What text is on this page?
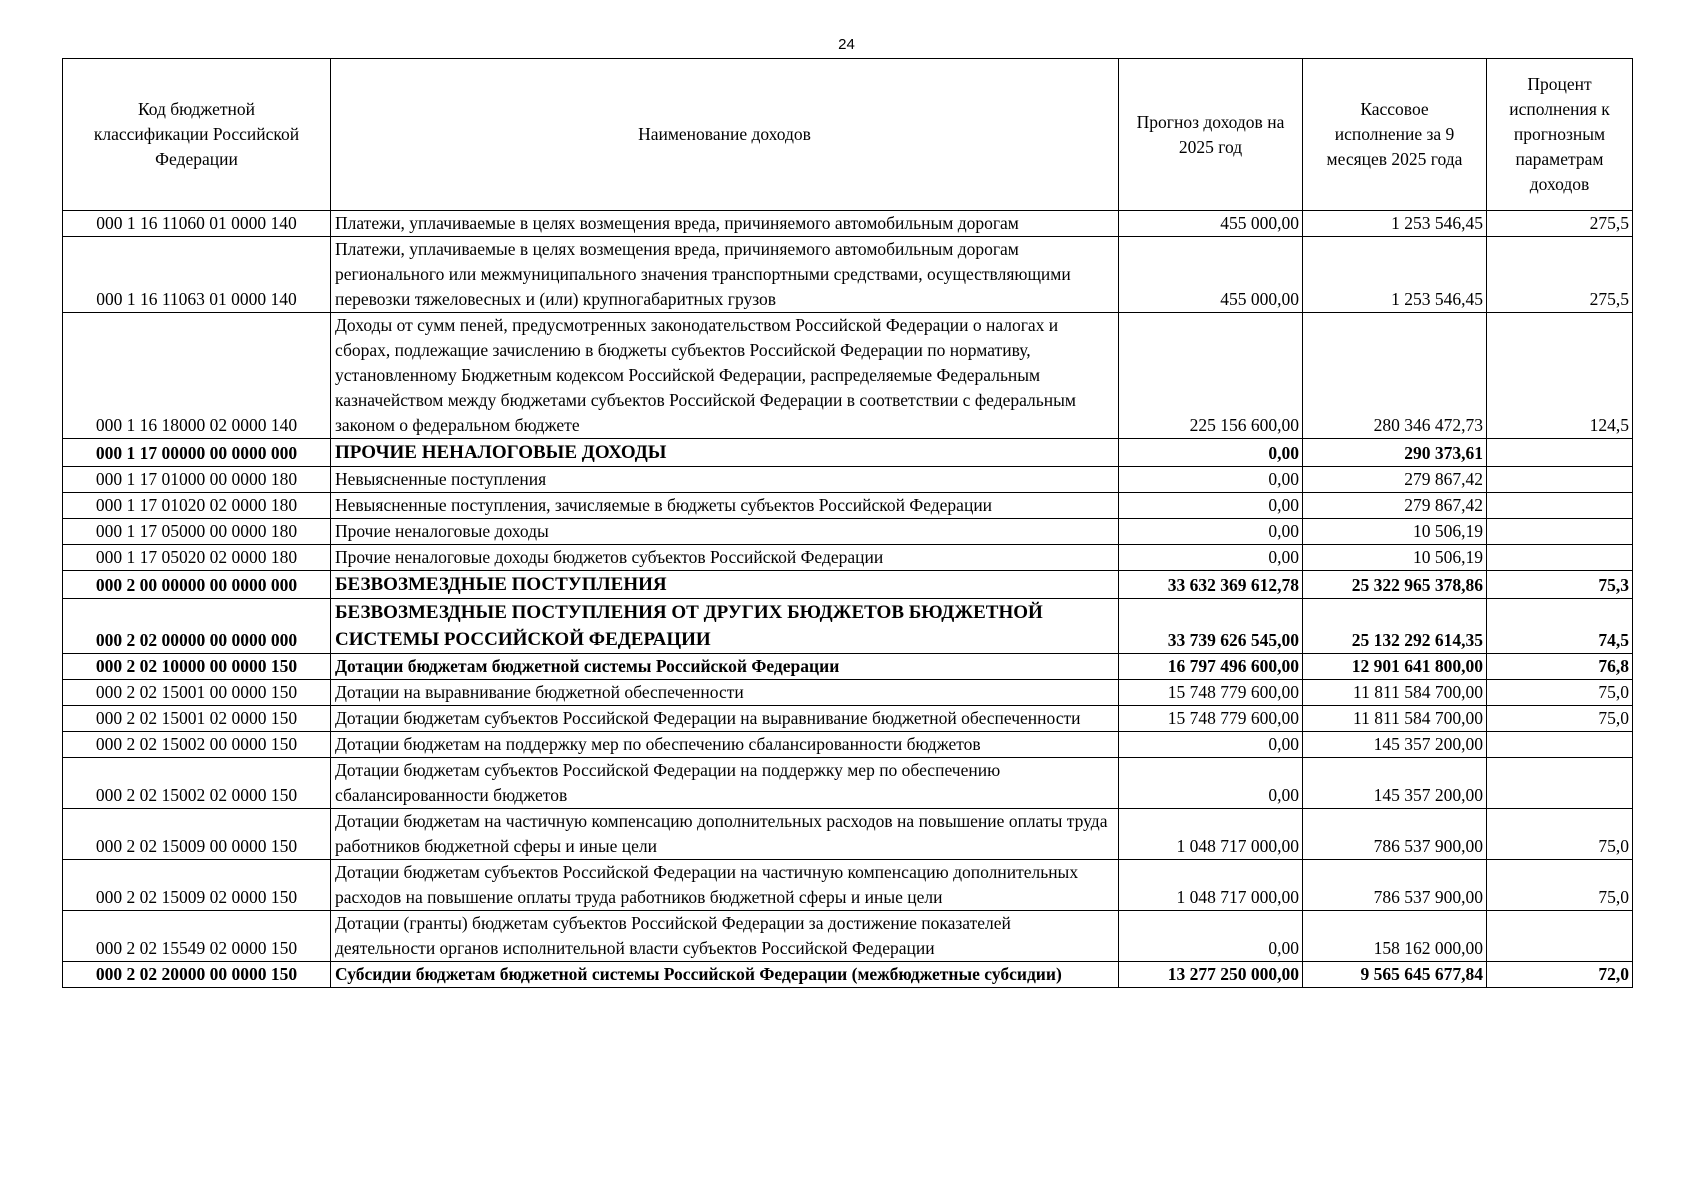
24
Код бюджетной классификации Российской Федерации	Наименование доходов	Прогноз доходов на 2025 год	Кассовое исполнение за 9 месяцев 2025 года	Процент исполнения к прогнозным параметрам доходов
000 1 16 11060 01 0000 140	Платежи, уплачиваемые в целях возмещения вреда, причиняемого автомобильным дорогам	455 000,00	1 253 546,45	275,5
000 1 16 11063 01 0000 140	Платежи, уплачиваемые в целях возмещения вреда, причиняемого автомобильным дорогам регионального или межмуниципального значения транспортными средствами, осуществляющими перевозки тяжеловесных и (или) крупногабаритных грузов	455 000,00	1 253 546,45	275,5
000 1 16 18000 02 0000 140	Доходы от сумм пеней, предусмотренных законодательством Российской Федерации о налогах и сборах, подлежащие зачислению в бюджеты субъектов Российской Федерации по нормативу, установленному Бюджетным кодексом Российской Федерации, распределяемые Федеральным казначейством между бюджетами субъектов Российской Федерации в соответствии с федеральным законом о федеральном бюджете	225 156 600,00	280 346 472,73	124,5
000 1 17 00000 00 0000 000	ПРОЧИЕ НЕНАЛОГОВЫЕ ДОХОДЫ	0,00	290 373,61	
000 1 17 01000 00 0000 180	Невыясненные поступления	0,00	279 867,42	
000 1 17 01020 02 0000 180	Невыясненные поступления, зачисляемые в бюджеты субъектов Российской Федерации	0,00	279 867,42	
000 1 17 05000 00 0000 180	Прочие неналоговые доходы	0,00	10 506,19	
000 1 17 05020 02 0000 180	Прочие неналоговые доходы бюджетов субъектов Российской Федерации	0,00	10 506,19	
000 2 00 00000 00 0000 000	БЕЗВОЗМЕЗДНЫЕ ПОСТУПЛЕНИЯ	33 632 369 612,78	25 322 965 378,86	75,3
000 2 02 00000 00 0000 000	БЕЗВОЗМЕЗДНЫЕ ПОСТУПЛЕНИЯ ОТ ДРУГИХ БЮДЖЕТОВ БЮДЖЕТНОЙ СИСТЕМЫ РОССИЙСКОЙ ФЕДЕРАЦИИ	33 739 626 545,00	25 132 292 614,35	74,5
000 2 02 10000 00 0000 150	Дотации бюджетам бюджетной системы Российской Федерации	16 797 496 600,00	12 901 641 800,00	76,8
000 2 02 15001 00 0000 150	Дотации на выравнивание бюджетной обеспеченности	15 748 779 600,00	11 811 584 700,00	75,0
000 2 02 15001 02 0000 150	Дотации бюджетам субъектов Российской Федерации на выравнивание бюджетной обеспеченности	15 748 779 600,00	11 811 584 700,00	75,0
000 2 02 15002 00 0000 150	Дотации бюджетам на поддержку мер по обеспечению сбалансированности бюджетов	0,00	145 357 200,00	
000 2 02 15002 02 0000 150	Дотации бюджетам субъектов Российской Федерации на поддержку мер по обеспечению сбалансированности бюджетов	0,00	145 357 200,00	
000 2 02 15009 00 0000 150	Дотации бюджетам на частичную компенсацию дополнительных расходов на повышение оплаты труда работников бюджетной сферы и иные цели	1 048 717 000,00	786 537 900,00	75,0
000 2 02 15009 02 0000 150	Дотации бюджетам субъектов Российской Федерации на частичную компенсацию дополнительных расходов на повышение оплаты труда работников бюджетной сферы и иные цели	1 048 717 000,00	786 537 900,00	75,0
000 2 02 15549 02 0000 150	Дотации (гранты) бюджетам субъектов Российской Федерации за достижение показателей деятельности органов исполнительной власти субъектов Российской Федерации	0,00	158 162 000,00	
000 2 02 20000 00 0000 150	Субсидии бюджетам бюджетной системы Российской Федерации (межбюджетные субсидии)	13 277 250 000,00	9 565 645 677,84	72,0
